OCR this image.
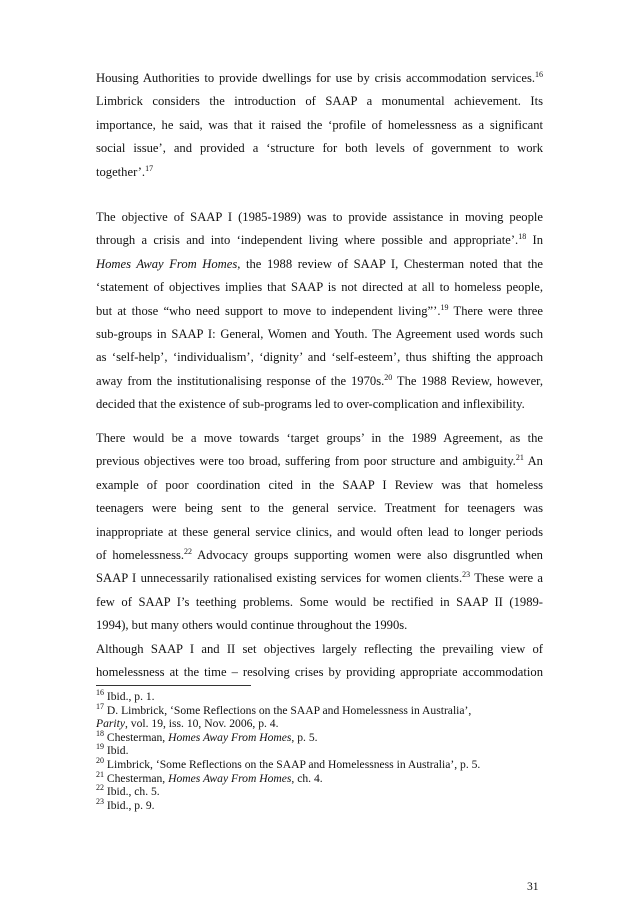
Housing Authorities to provide dwellings for use by crisis accommodation services.$^{16}$
Limbrick considers the introduction of SAAP a monumental achievement. Its
importance, he said, was that it raised the ‘profile of homelessness as a significant
social issue’, and provided a ‘structure for both levels of government to work
together’.$^{17}$
The objective of SAAP I (1985-1989) was to provide assistance in moving people
through a crisis and into ‘independent living where possible and appropriate’.$^{18}$ In
Homes Away From Homes, the 1988 review of SAAP I, Chesterman noted that the
‘statement of objectives implies that SAAP is not directed at all to homeless people,
but at those “who need support to move to independent living”’.$^{19}$ There were three
sub-groups in SAAP I: General, Women and Youth. The Agreement used words such
as ‘self-help’, ‘individualism’, ‘dignity’ and ‘self-esteem’, thus shifting the approach
away from the institutionalising response of the 1970s.$^{20}$ The 1988 Review, however,
decided that the existence of sub-programs led to over-complication and inflexibility.
There would be a move towards ‘target groups’ in the 1989 Agreement, as the
previous objectives were too broad, suffering from poor structure and ambiguity.$^{21}$ An
example of poor coordination cited in the SAAP I Review was that homeless
teenagers were being sent to the general service. Treatment for teenagers was
inappropriate at these general service clinics, and would often lead to longer periods
of homelessness.$^{22}$ Advocacy groups supporting women were also disgruntled when
SAAP I unnecessarily rationalised existing services for women clients.$^{23}$ These were a
few of SAAP I’s teething problems. Some would be rectified in SAAP II (1989-
1994), but many others would continue throughout the 1990s.
Although SAAP I and II set objectives largely reflecting the prevailing view of
homelessness at the time – resolving crises by providing appropriate accommodation
$^{16}$ Ibid., p. 1.
$^{17}$ D. Limbrick, ‘Some Reflections on the SAAP and Homelessness in Australia’,
Parity, vol. 19, iss. 10, Nov. 2006, p. 4.
$^{18}$ Chesterman, Homes Away From Homes, p. 5.
$^{19}$ Ibid.
$^{20}$ Limbrick, ‘Some Reflections on the SAAP and Homelessness in Australia’, p. 5.
$^{21}$ Chesterman, Homes Away From Homes, ch. 4.
$^{22}$ Ibid., ch. 5.
$^{23}$ Ibid., p. 9.
31
